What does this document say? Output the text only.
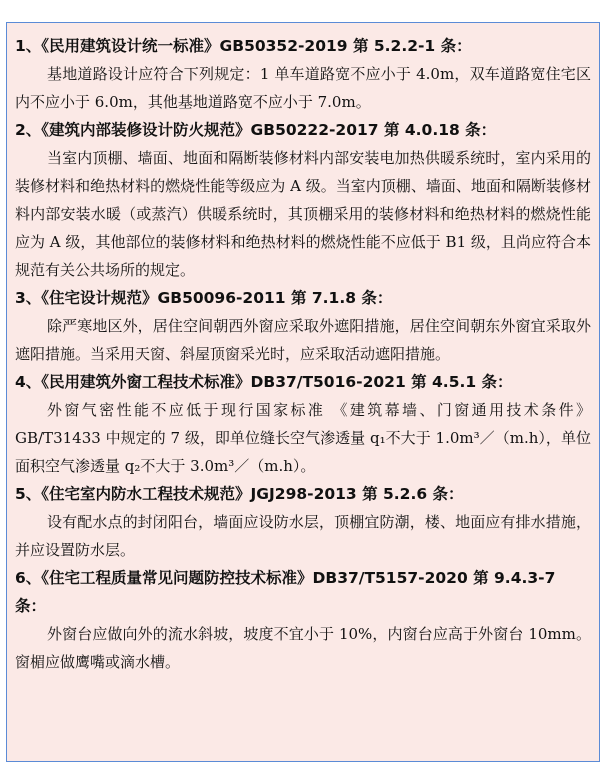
1、《民用建筑设计统一标准》GB50352-2019 第 5.2.2-1 条：
基地道路设计应符合下列规定：1 单车道路宽不应小于 4.0m，双车道路宽住宅区内不应小于 6.0m，其他基地道路宽不应小于 7.0m。
2、《建筑内部装修设计防火规范》GB50222-2017 第 4.0.18 条：
当室内顶棚、墙面、地面和隔断装修材料内部安装电加热供暖系统时，室内采用的装修材料和绝热材料的燃烧性能等级应为 A 级。当室内顶棚、墙面、地面和隔断装修材料内部安装水暖（或蒸汽）供暖系统时，其顶棚采用的装修材料和绝热材料的燃烧性能应为 A 级，其他部位的装修材料和绝热材料的燃烧性能不应低于 B1 级，且尚应符合本规范有关公共场所的规定。
3、《住宅设计规范》GB50096-2011 第 7.1.8 条：
除严寒地区外，居住空间朝西外窗应采取外遮阳措施，居住空间朝东外窗宜采取外遮阳措施。当采用天窗、斜屋顶窗采光时，应采取活动遮阳措施。
4、《民用建筑外窗工程技术标准》DB37/T5016-2021 第 4.5.1 条：
外窗气密性能不应低于现行国家标准 《建筑幕墙、门窗通用技术条件》GB/T31433 中规定的 7 级，即单位缝长空气渗透量 q₁不大于 1.0m³／（m.h），单位面积空气渗透量 q₂不大于 3.0m³／（m.h）。
5、《住宅室内防水工程技术规范》JGJ298-2013 第 5.2.6 条：
设有配水点的封闭阳台，墙面应设防水层，顶棚宜防潮，楼、地面应有排水措施，并应设置防水层。
6、《住宅工程质量常见问题防控技术标准》DB37/T5157-2020 第 9.4.3-7 条：
外窗台应做向外的流水斜坡，坡度不宜小于 10%，内窗台应高于外窗台 10mm。窗楣应做鹰嘴或滴水槽。
